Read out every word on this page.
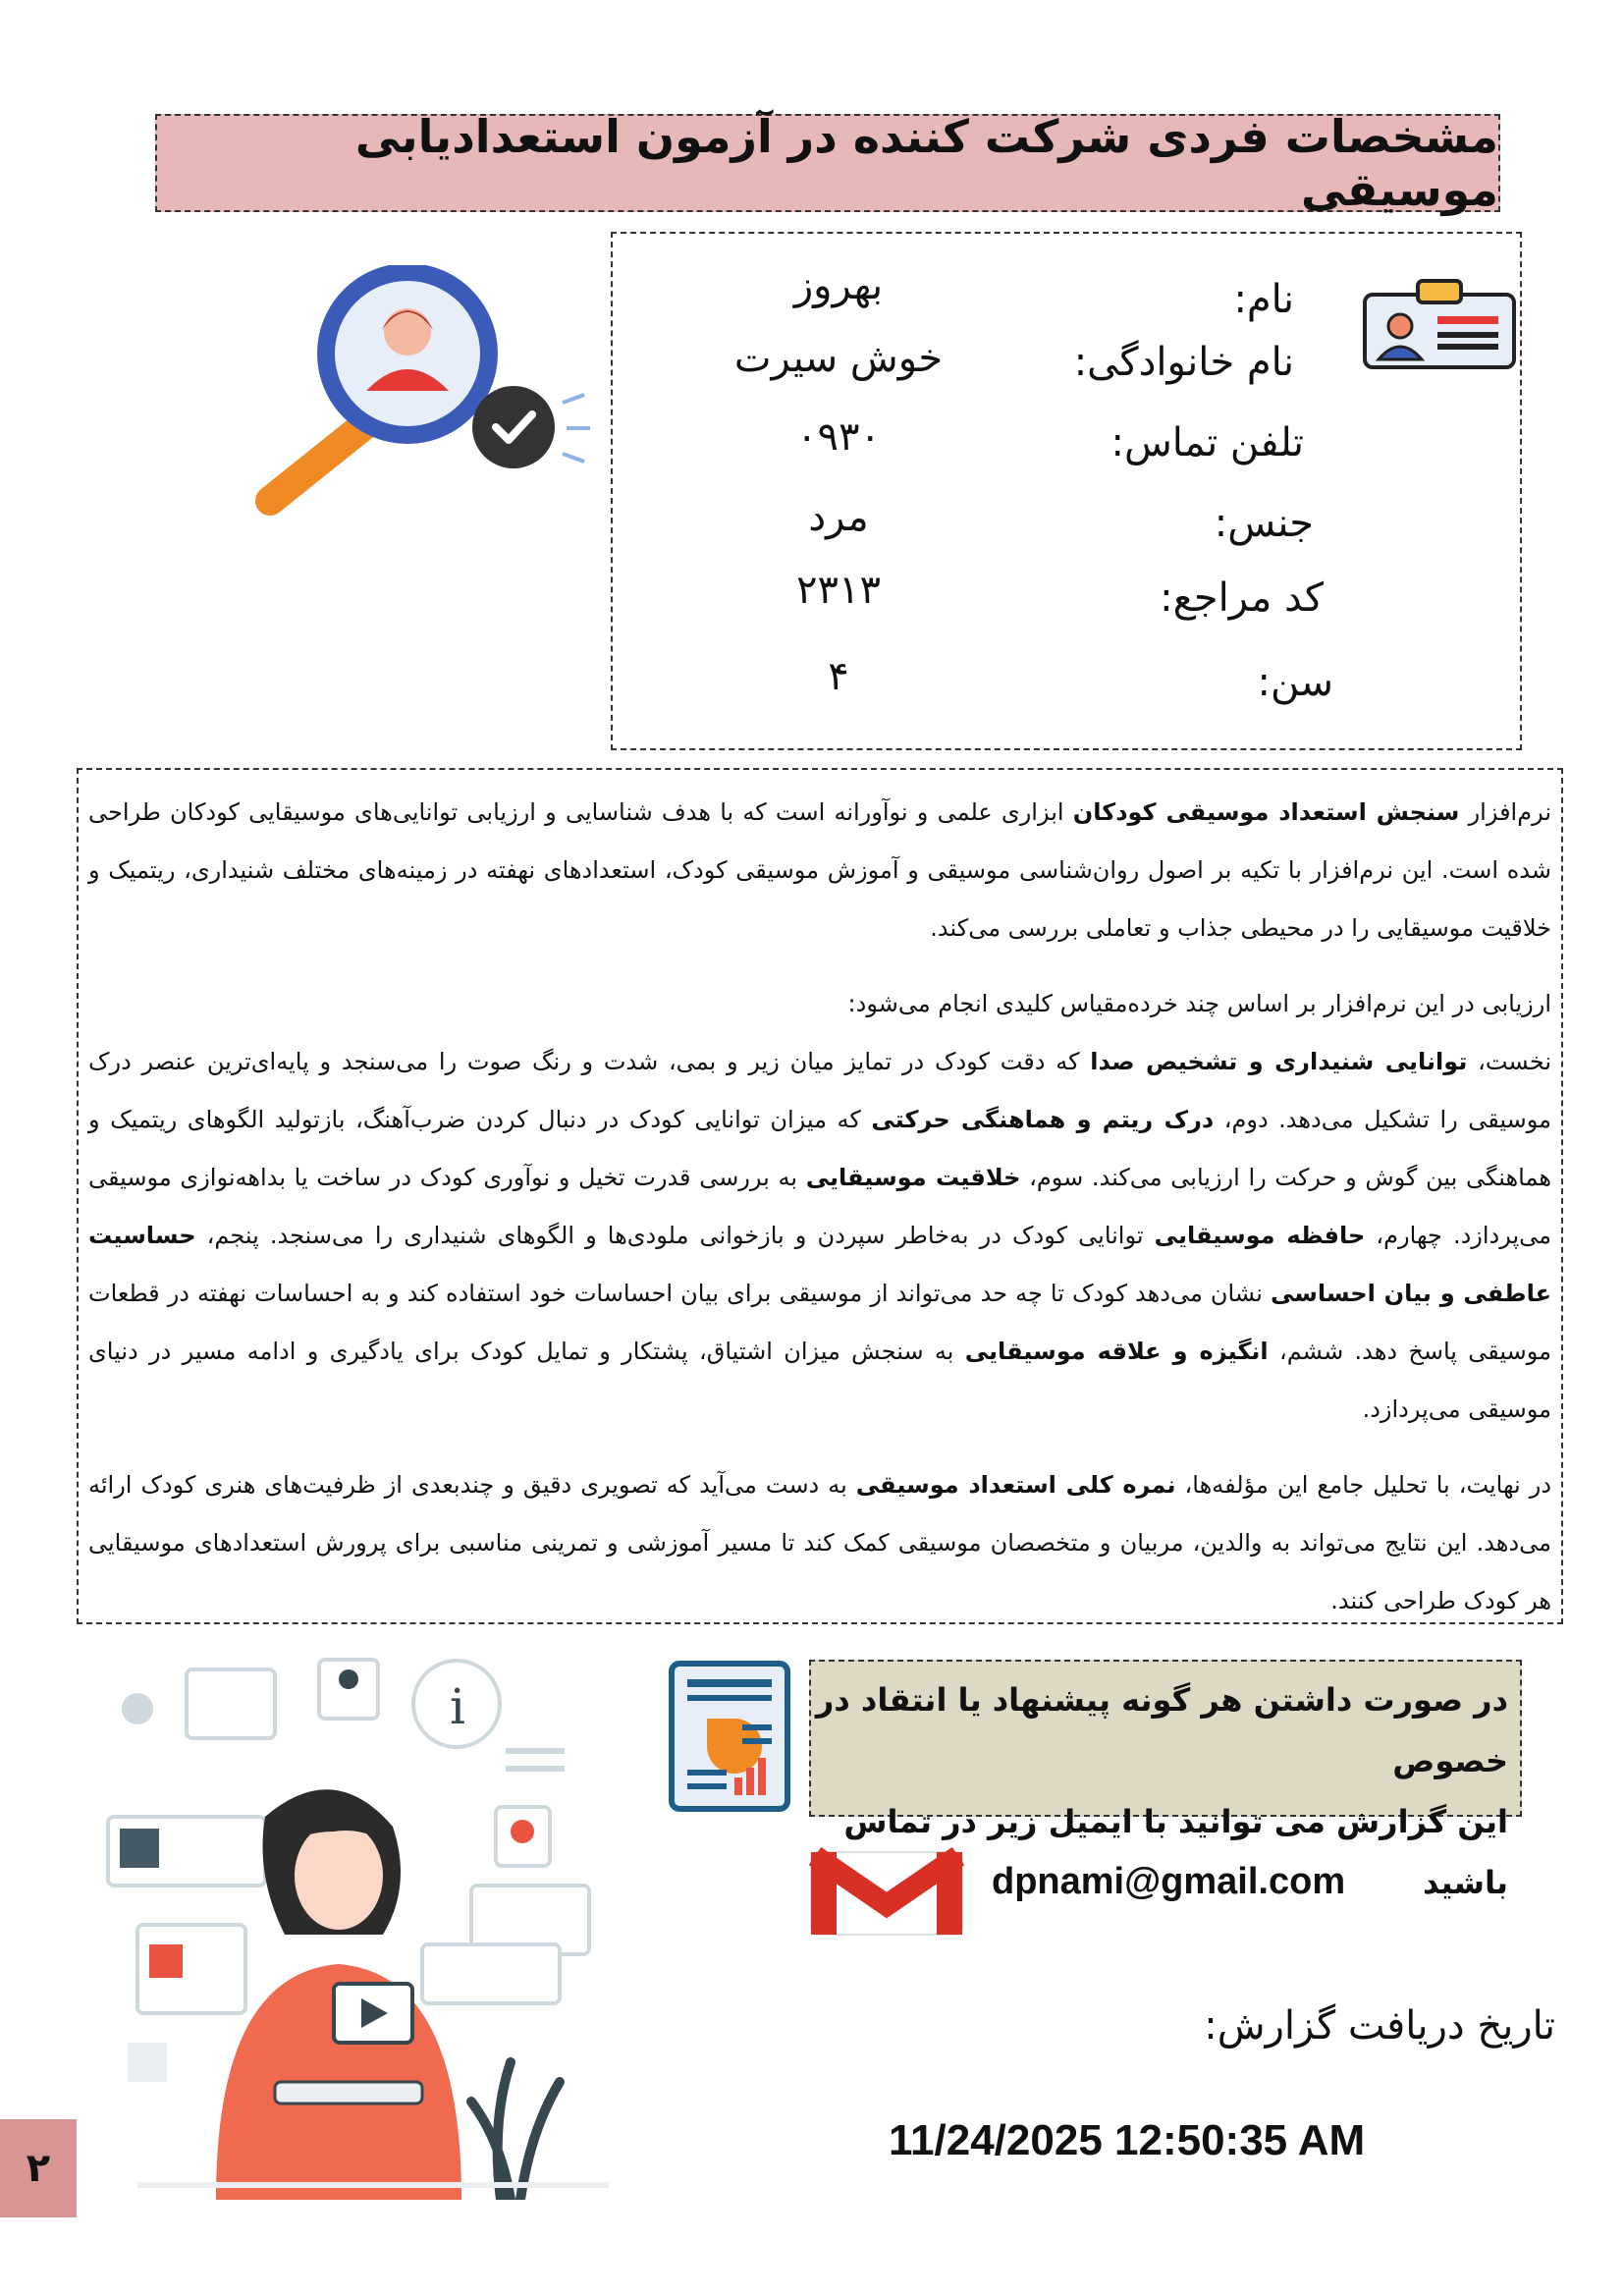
مشخصات فردی شرکت کننده در آزمون استعدادیابی موسیقی
نام:
بهروز
نام خانوادگی:
خوش سیرت
تلفن تماس:
۰۹۳۰
جنس:
مرد
کد مراجع:
۲۳۱۳
سن:
۴

نرم‌افزار سنجش استعداد موسیقی کودکان ابزاری علمی و نوآورانه است که با هدف شناسایی و ارزیابی توانایی‌های موسیقایی کودکان طراحی شده است. این نرم‌افزار با تکیه بر اصول روان‌شناسی موسیقی و آموزش موسیقی کودک، استعدادهای نهفته در زمینه‌های مختلف شنیداری، ریتمیک و خلاقیت موسیقایی را در محیطی جذاب و تعاملی بررسی می‌کند.

ارزیابی در این نرم‌افزار بر اساس چند خرده‌مقیاس کلیدی انجام می‌شود:

نخست، توانایی شنیداری و تشخیص صدا که دقت کودک در تمایز میان زیر و بمی، شدت و رنگ صوت را می‌سنجد و پایه‌ای‌ترین عنصر درک موسیقی را تشکیل می‌دهد. دوم، درک ریتم و هماهنگی حرکتی که میزان توانایی کودک در دنبال کردن ضرب‌آهنگ، بازتولید الگوهای ریتمیک و هماهنگی بین گوش و حرکت را ارزیابی می‌کند. سوم، خلاقیت موسیقایی به بررسی قدرت تخیل و نوآوری کودک در ساخت یا بداهه‌نوازی موسیقی می‌پردازد. چهارم، حافظه موسیقایی توانایی کودک در به‌خاطر سپردن و بازخوانی ملودی‌ها و الگوهای شنیداری را می‌سنجد. پنجم، حساسیت عاطفی و بیان احساسی نشان می‌دهد کودک تا چه حد می‌تواند از موسیقی برای بیان احساسات خود استفاده کند و به احساسات نهفته در قطعات موسیقی پاسخ دهد. ششم، انگیزه و علاقه موسیقایی به سنجش میزان اشتیاق، پشتکار و تمایل کودک برای یادگیری و ادامه مسیر در دنیای موسیقی می‌پردازد.

در نهایت، با تحلیل جامع این مؤلفه‌ها، نمره کلی استعداد موسیقی به دست می‌آید که تصویری دقیق و چندبعدی از ظرفیت‌های هنری کودک ارائه می‌دهد. این نتایج می‌تواند به والدین، مربیان و متخصصان موسیقی کمک کند تا مسیر آموزشی و تمرینی مناسبی برای پرورش استعدادهای موسیقایی هر کودک طراحی کنند.

i	در صورت داشتن هر گونه پیشنهاد یا انتقاد در خصوص
این گزارش می توانید با ایمیل زیر در تماس باشید
dpnami@gmail.com
تاریخ دریافت گزارش:
11/24/2025 12:50:35 AM
۲
